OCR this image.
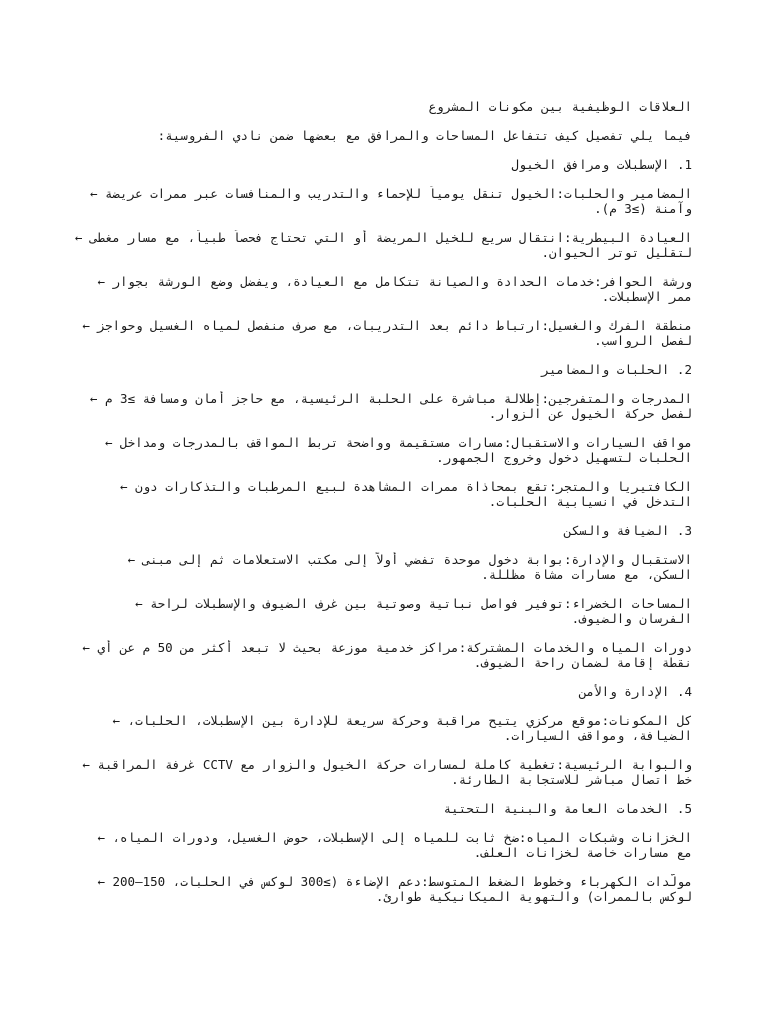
العلاقات الوظيفية بين مكونات المشروع
فيما يلي تفصيل كيف تتفاعل المساحات والمرافق مع بعضها ضمن نادي الفروسية:
1. الإسطبلات ومرافق الخيول
المضامير والحلبات:الخيول تنقل يومياً للإحماء والتدريب والمنافسات عبر ممرات عريضة ←
وآمنة (≥3 م).
العيادة البيطرية:انتقال سريع للخيل المريضة أو التي تحتاج فحصاً طبياً، مع مسار مغطى ←
لتقليل توتر الحيوان.
ورشة الحوافر:خدمات الحدادة والصيانة تتكامل مع العيادة، ويفضل وضع الورشة بجوار ←
ممر الإسطبلات.
منطقة الفرك والغسيل:ارتباط دائم بعد التدريبات، مع صرف منفصل لمياه الغسيل وحواجز ←
لفصل الرواسب.
2. الحلبات والمضامير
المدرجات والمتفرجين:إطلالة مباشرة على الحلبة الرئيسية، مع حاجز أمان ومسافة ≥3 م ←
لفصل حركة الخيول عن الزوار.
مواقف السيارات والاستقبال:مسارات مستقيمة وواضحة تربط المواقف بالمدرجات ومداخل ←
الحلبات لتسهيل دخول وخروج الجمهور.
الكافتيريا والمتجر:تقع بمحاذاة ممرات المشاهدة لبيع المرطبات والتذكارات دون ←
التدخل في انسيابية الحلبات.
3. الضيافة والسكن
الاستقبال والإدارة:بوابة دخول موحدة تفضي أولاً إلى مكتب الاستعلامات ثم إلى مبنى ←
السكن، مع مسارات مشاة مظللة.
المساحات الخضراء:توفير فواصل نباتية وصوتية بين غرف الضيوف والإسطبلات لراحة ←
الفرسان والضيوف.
دورات المياه والخدمات المشتركة:مراكز خدمية موزعة بحيث لا تبعد أكثر من 50 م عن أي ←
نقطة إقامة لضمان راحة الضيوف.
4. الإدارة والأمن
كل المكونات:موقع مركزي يتيح مراقبة وحركة سريعة للإدارة بين الإسطبلات، الحلبات، ←
الضيافة، ومواقف السيارات.
والبوابة الرئيسية:تغطية كاملة لمسارات حركة الخيول والزوار مع CCTV غرفة المراقبة ←
خط اتصال مباشر للاستجابة الطارئة.
5. الخدمات العامة والبنية التحتية
الخزانات وشبكات المياه:ضخ ثابت للمياه إلى الإسطبلات، حوض الغسيل، ودورات المياه، ←
مع مسارات خاصة لخزانات العلف.
مولّدات الكهرباء وخطوط الضغط المتوسط:دعم الإضاءة (≥300 لوكس في الحلبات، 150–200 ←
لوكس بالممرات) والتهوية الميكانيكية طوارئ.
